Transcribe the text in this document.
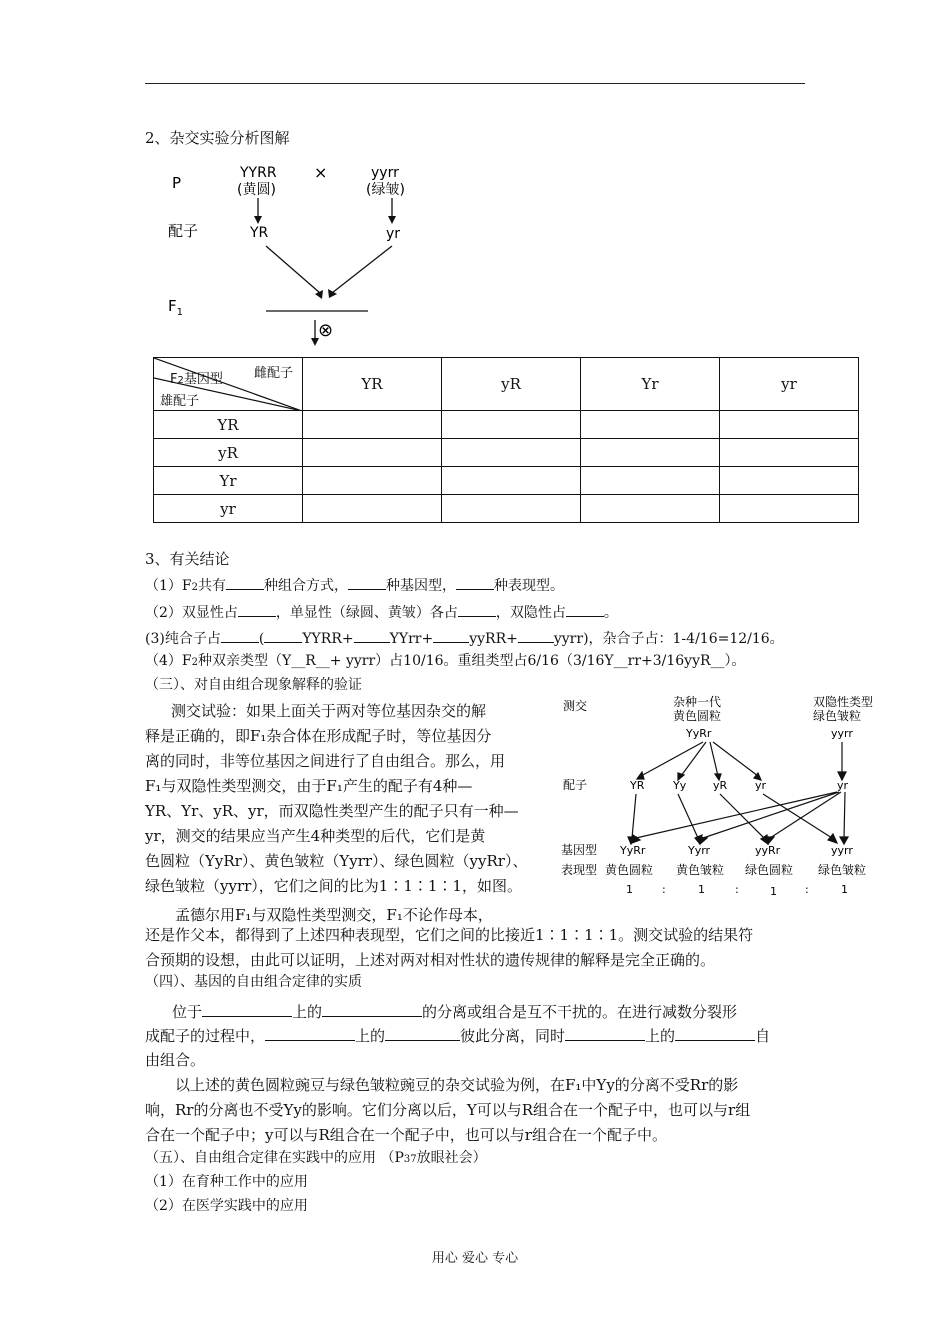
2、杂交实验分析图解
P
YYRR
(黄圆)
×	yyrr
(绿皱)
配子	YR	yr
$F_1$
⊗
雌配子
F2基因型
雄配子	YR	yR	Yr	yr
YR				
yR				
Yr				
yr				
3、有关结论
（1）F2共有	种组合方式，	种基因型，	种表现型。
（2）双显性占	，单显性（绿圆、黄皱）各占	，双隐性占	。
(3)纯合子占	(	YYRR+	YYrr+	yyRR+	yyrr)，杂合子占：1-4/16=12/16。
（4）F2种双亲类型（Y__R__+ yyrr）占10/16。重组类型占6/16（3/16Y__rr+3/16yyR__）。
（三）、对自由组合现象解释的验证
测交试验：如果上面关于两对等位基因杂交的解
释是正确的，即F₁杂合体在形成配子时，等位基因分
离的同时，非等位基因之间进行了自由组合。那么，用
F₁与双隐性类型测交，由于F₁产生的配子有4种—
YR、Yr、yR、yr，而双隐性类型产生的配子只有一种—
yr，测交的结果应当产生4种类型的后代，它们是黄
色圆粒（YyRr）、黄色皱粒（Yyrr）、绿色圆粒（yyRr）、
绿色皱粒（yyrr），它们之间的比为1∶1∶1∶1，如图。
孟德尔用F₁与双隐性类型测交，F₁不论作母本，
还是作父本，都得到了上述四种表现型，它们之间的比接近1∶1∶1∶1。测交试验的结果符
合预期的设想，由此可以证明，上述对两对相对性状的遗传规律的解释是完全正确的。
测交	杂种一代
黄色圆粒
YyRr
双隐性类型
绿色皱粒
yyrr
配子	YR	Yy yR	yr	yr
基因型 YyRr	Yyrr	yyRr	yyrr
表现型 黄色圆粒 黄色皱粒 绿色圆粒 绿色皱粒
1	:	1	:	1	:	1
（四）、基因的自由组合定律的实质
位于	上的	的分离或组合是互不干扰的。在进行减数分裂形
成配子的过程中，	上的	彼此分离，同时	上的	自
由组合。
以上述的黄色圆粒豌豆与绿色皱粒豌豆的杂交试验为例，在F₁中Yy的分离不受Rr的影
响，Rr的分离也不受Yy的影响。它们分离以后，Y可以与R组合在一个配子中，也可以与r组
合在一个配子中；y可以与R组合在一个配子中，也可以与r组合在一个配子中。
（五）、自由组合定律在实践中的应用 （P37放眼社会）
（1）在育种工作中的应用
（2）在医学实践中的应用
用心 爱心 专心
